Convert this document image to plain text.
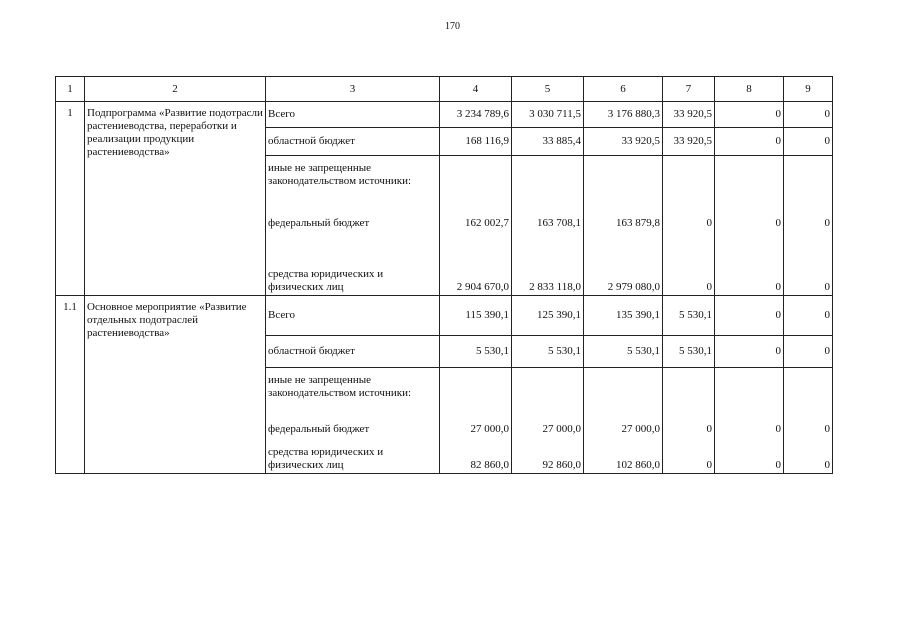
170
1	2	3	4	5	6	7	8	9
1	Подпрограмма «Развитие подотрасли растениеводства, переработки и реализации продукции растениеводства»	Всего	3 234 789,6	3 030 711,5	3 176 880,3	33 920,5	0	0
		областной бюджет	168 116,9	33 885,4	33 920,5	33 920,5	0	0
		иные не запрещенные законодательством источники:						
		федеральный бюджет	162 002,7	163 708,1	163 879,8	0	0	0
		средства юридических и физических лиц	2 904 670,0	2 833 118,0	2 979 080,0	0	0	0
1.1	Основное мероприятие «Развитие отдельных подотраслей растениеводства»	Всего	115 390,1	125 390,1	135 390,1	5 530,1	0	0
		областной бюджет	5 530,1	5 530,1	5 530,1	5 530,1	0	0
		иные не запрещенные законодательством источники:						
		федеральный бюджет	27 000,0	27 000,0	27 000,0	0	0	0
		средства юридических и физических лиц	82 860,0	92 860,0	102 860,0	0	0	0
